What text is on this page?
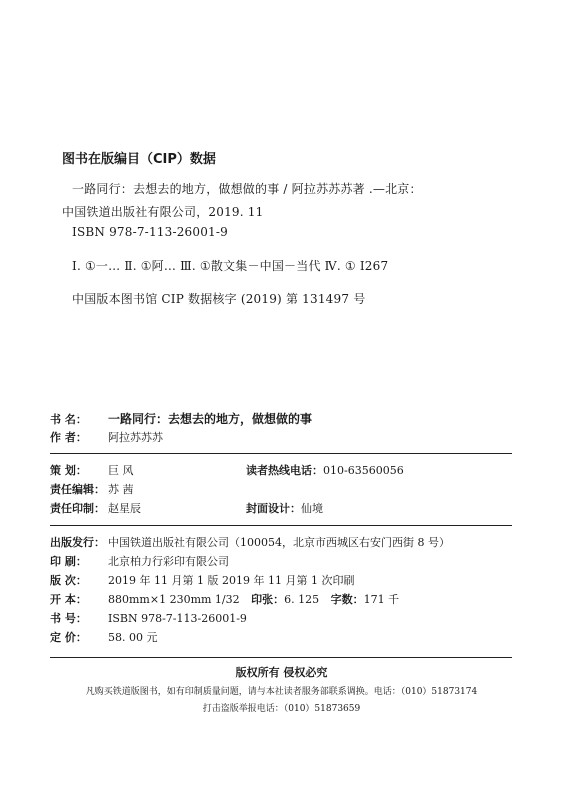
图书在版编目（CIP）数据
一路同行：去想去的地方，做想做的事 / 阿拉苏苏苏著 .—北京：
中国铁道出版社有限公司，2019. 11
ISBN 978-7-113-26001-9
Ⅰ. ①一… Ⅱ. ①阿… Ⅲ. ①散文集－中国－当代 Ⅳ. ① I267
中国版本图书馆 CIP 数据核字 (2019) 第 131497 号
书 名： 一路同行：去想去的地方，做想做的事
作 者： 阿拉苏苏苏
策 划： 巨 风	读者热线电话：010-63560056
责任编辑： 苏 茜
责任印制： 赵星辰	封面设计：仙境
出版发行： 中国铁道出版社有限公司（100054，北京市西城区右安门西街 8 号）
印 刷： 北京柏力行彩印有限公司
版 次： 2019 年 11 月第 1 版 2019 年 11 月第 1 次印刷
开 本： 880mm×1 230mm 1/32 印张：6. 125 字数：171 千
书 号： ISBN 978-7-113-26001-9
定 价： 58. 00 元
版权所有 侵权必究
凡购买铁道版图书，如有印制质量问题，请与本社读者服务部联系调换。电话：（010）51873174
打击盗版举报电话：（010）51873659
